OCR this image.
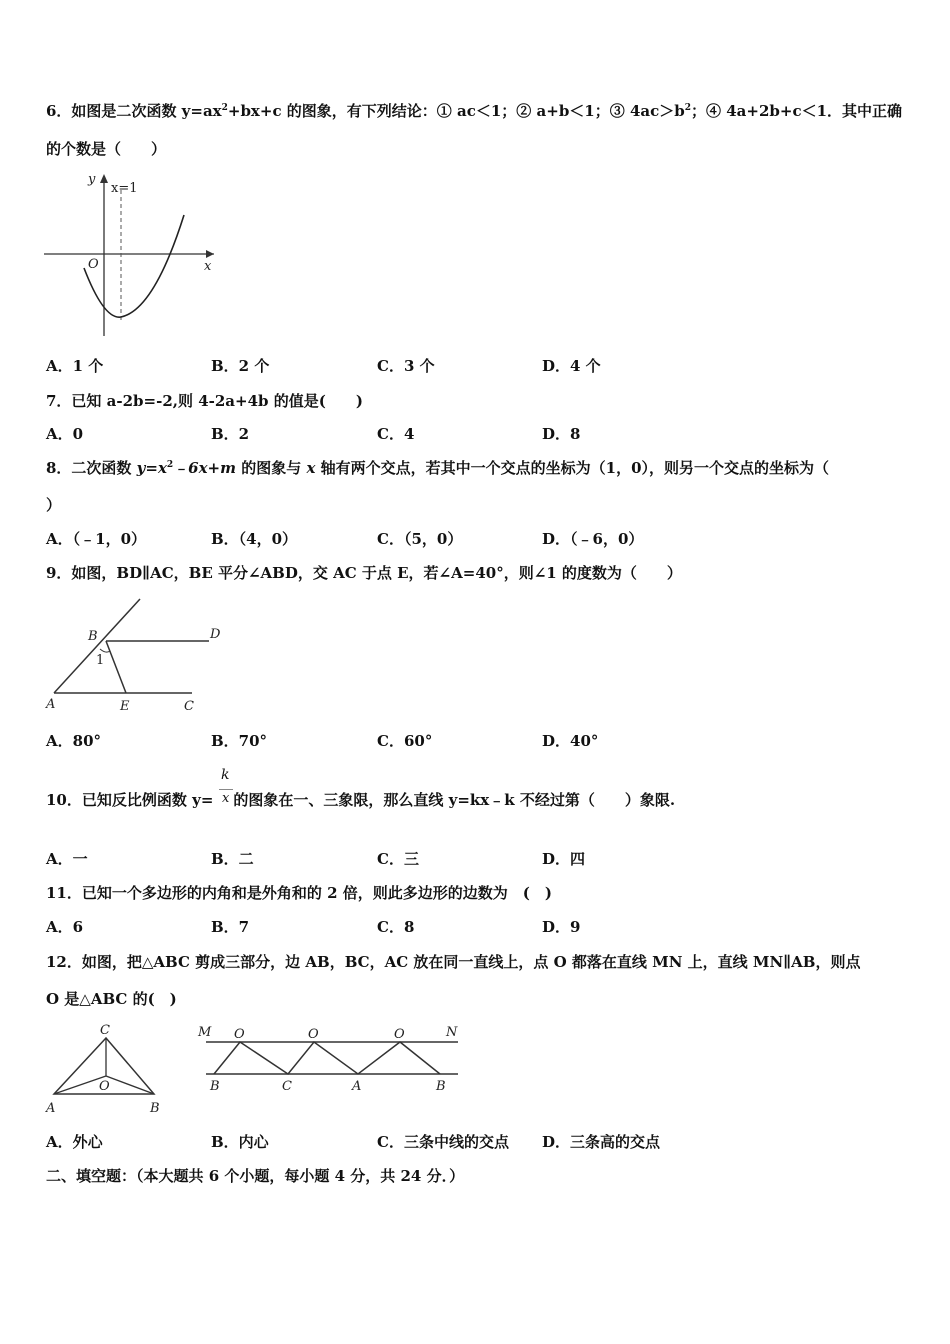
6．如图是二次函数 $y=ax^2+bx+c$ 的图象，有下列结论：① ac＜1；② a+b＜1；③ $4ac>b^2$；④ 4a+2b+c＜1．其中正确
的个数是（　　）
y
x
O
x=1
A．1 个	B．2 个	C．3 个	D．4 个
7．已知 a-2b=-2,则 4-2a+4b 的值是(　　)
A．0	B．2	C．4	D．8
8．二次函数 $y=x^2﹣6x+m$ 的图象与 x 轴有两个交点，若其中一个交点的坐标为（1，0），则另一个交点的坐标为（
）
A．（﹣1，0）	B．（4，0）	C．（5，0）	D．（﹣6，0）
9．如图，BD∥AC，BE 平分∠ABD，交 AC 于点 E，若∠A=40°，则∠1 的度数为（　　）
B	D
A	E	C
1
A．80°	B．70°	C．60°	D．40°
10．已知反比例函数 y= 的图象在一、三象限，那么直线 y=kx﹣k 不经过第（　　）象限.
k
x
A．一	B．二	C．三	D．四
11．已知一个多边形的内角和是外角和的 2 倍，则此多边形的边数为　(　)
A．6	B．7	C．8	D．9
12．如图，把△ABC 剪成三部分，边 AB，BC，AC 放在同一直线上，点 O 都落在直线 MN 上，直线 MN∥AB，则点
O 是△ABC 的(　)
C
O
A	B
M O	O	O	N
B	C	A	B
A．外心	B．内心	C．三条中线的交点 D．三条高的交点
二、填空题：（本大题共 6 个小题，每小题 4 分，共 24 分．）
